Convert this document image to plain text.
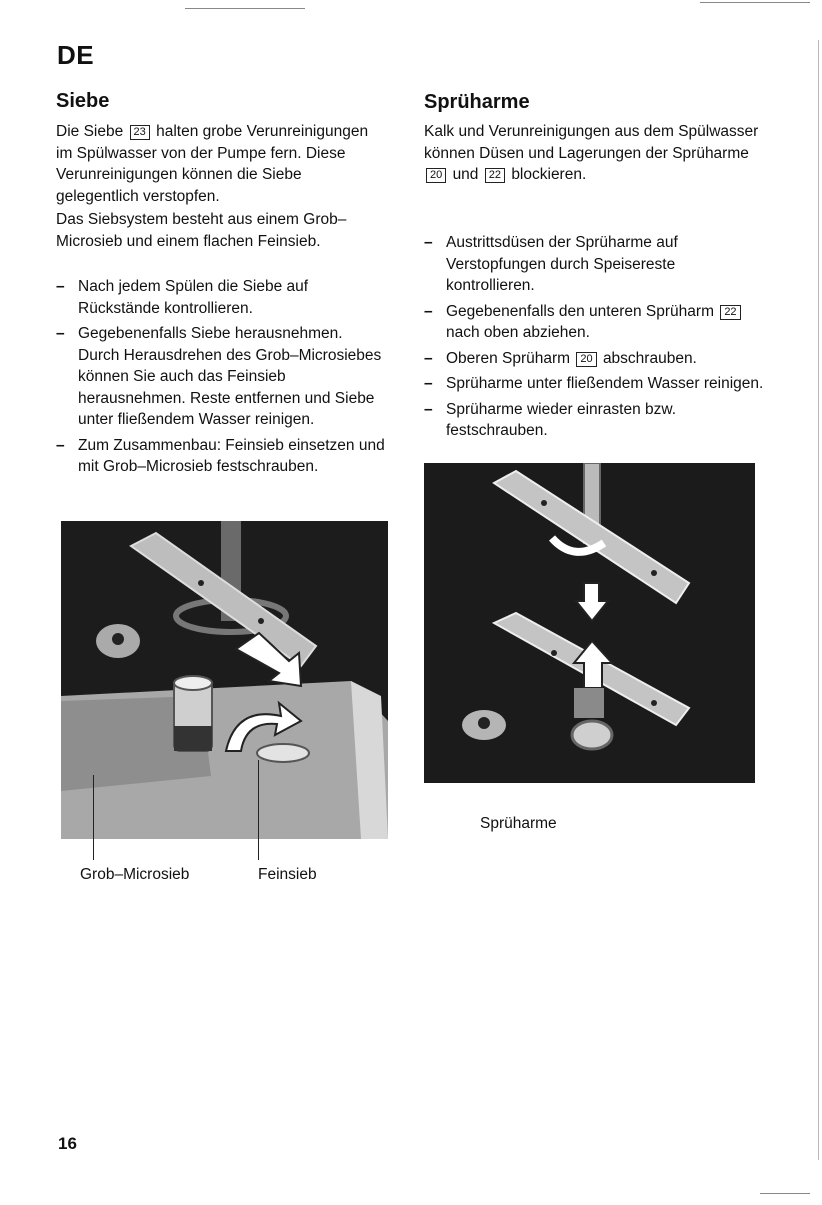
DE
Siebe
Die Siebe 23 halten grobe Verunreinigungen im Spülwasser von der Pumpe fern. Diese Verunreinigungen können die Siebe gelegentlich verstopfen.
Das Siebsystem besteht aus einem Grob–Microsieb und einem flachen Feinsieb.
– Nach jedem Spülen die Siebe auf Rückstände kontrollieren.
– Gegebenenfalls Siebe herausnehmen. Durch Herausdrehen des Grob–Microsiebes können Sie auch das Feinsieb herausnehmen. Reste entfernen und Siebe unter fließendem Wasser reinigen.
– Zum Zusammenbau: Feinsieb einsetzen und mit Grob–Microsieb festschrauben.
Grob–Microsieb	Feinsieb
Sprüharme
Kalk und Verunreinigungen aus dem Spülwasser können Düsen und Lagerungen der Sprüharme 20 und 22 blockieren.
– Austrittsdüsen der Sprüharme auf Verstopfungen durch Speisereste kontrollieren.
– Gegebenenfalls den unteren Sprüharm 22 nach oben abziehen.
– Oberen Sprüharm 20 abschrauben.
– Sprüharme unter fließendem Wasser reinigen.
– Sprüharme wieder einrasten bzw. festschrauben.
Sprüharme
16
